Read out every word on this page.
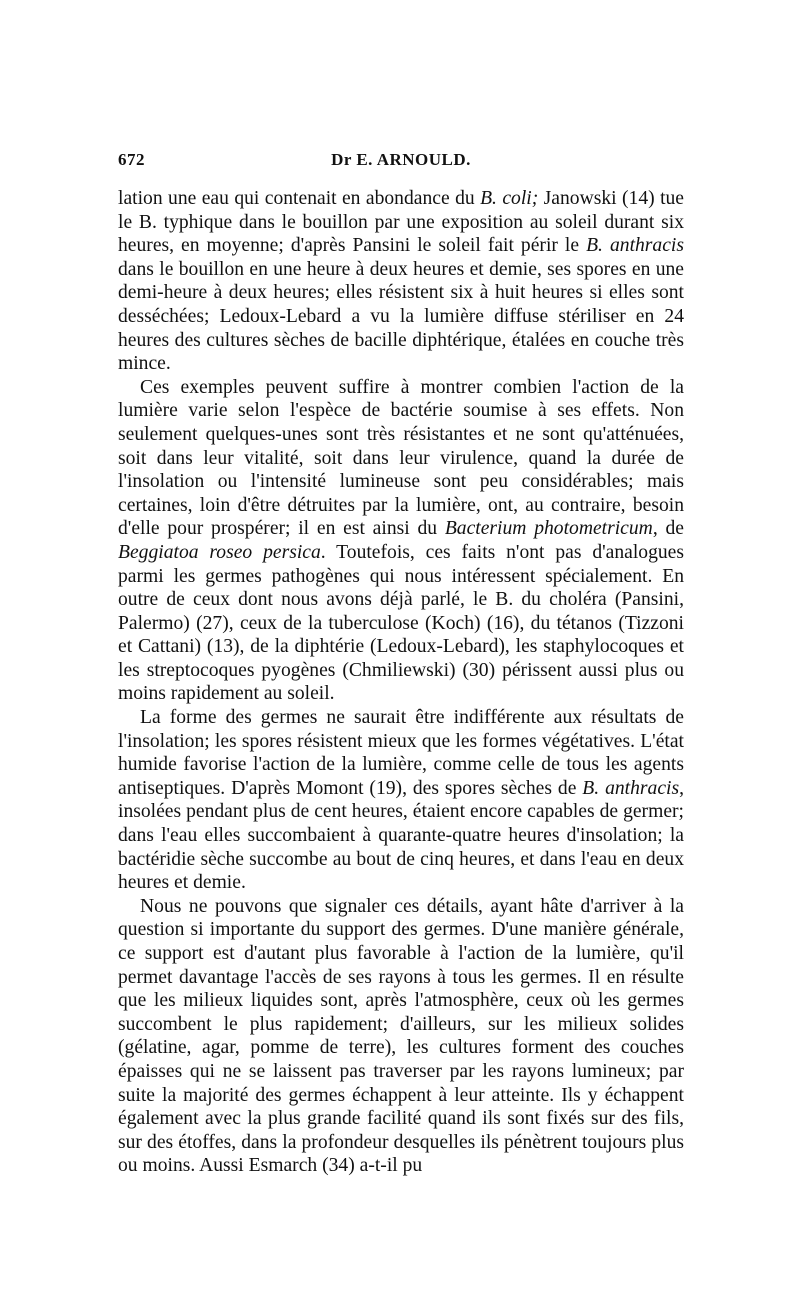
672	Dr E. ARNOULD.

lation une eau qui contenait en abondance du B. coli; Janowski (14) tue le B. typhique dans le bouillon par une exposition au soleil durant six heures, en moyenne; d'après Pansini le soleil fait périr le B. anthracis dans le bouillon en une heure à deux heures et demie, ses spores en une demi-heure à deux heures; elles résistent six à huit heures si elles sont desséchées; Ledoux-Lebard a vu la lumière diffuse stériliser en 24 heures des cultures sèches de bacille diphtérique, étalées en couche très mince.

Ces exemples peuvent suffire à montrer combien l'action de la lumière varie selon l'espèce de bactérie soumise à ses effets. Non seulement quelques-unes sont très résistantes et ne sont qu'atténuées, soit dans leur vitalité, soit dans leur virulence, quand la durée de l'insolation ou l'intensité lumineuse sont peu considérables; mais certaines, loin d'être détruites par la lumière, ont, au contraire, besoin d'elle pour prospérer; il en est ainsi du Bacterium photometricum, de Beggiatoa roseo persica. Toutefois, ces faits n'ont pas d'analogues parmi les germes pathogènes qui nous intéressent spécialement. En outre de ceux dont nous avons déjà parlé, le B. du choléra (Pansini, Palermo) (27), ceux de la tuberculose (Koch) (16), du tétanos (Tizzoni et Cattani) (13), de la diphtérie (Ledoux-Lebard), les staphylocoques et les streptocoques pyogènes (Chmiliewski) (30) périssent aussi plus ou moins rapidement au soleil.

La forme des germes ne saurait être indifférente aux résultats de l'insolation; les spores résistent mieux que les formes végétatives. L'état humide favorise l'action de la lumière, comme celle de tous les agents antiseptiques. D'après Momont (19), des spores sèches de B. anthracis, insolées pendant plus de cent heures, étaient encore capables de germer; dans l'eau elles succombaient à quarante-quatre heures d'insolation; la bactéridie sèche succombe au bout de cinq heures, et dans l'eau en deux heures et demie.

Nous ne pouvons que signaler ces détails, ayant hâte d'arriver à la question si importante du support des germes. D'une manière générale, ce support est d'autant plus favorable à l'action de la lumière, qu'il permet davantage l'accès de ses rayons à tous les germes. Il en résulte que les milieux liquides sont, après l'atmosphère, ceux où les germes succombent le plus rapidement; d'ailleurs, sur les milieux solides (gélatine, agar, pomme de terre), les cultures forment des couches épaisses qui ne se laissent pas traverser par les rayons lumineux; par suite la majorité des germes échappent à leur atteinte. Ils y échappent également avec la plus grande facilité quand ils sont fixés sur des fils, sur des étoffes, dans la profondeur desquelles ils pénètrent toujours plus ou moins. Aussi Esmarch (34) a-t-il pu
